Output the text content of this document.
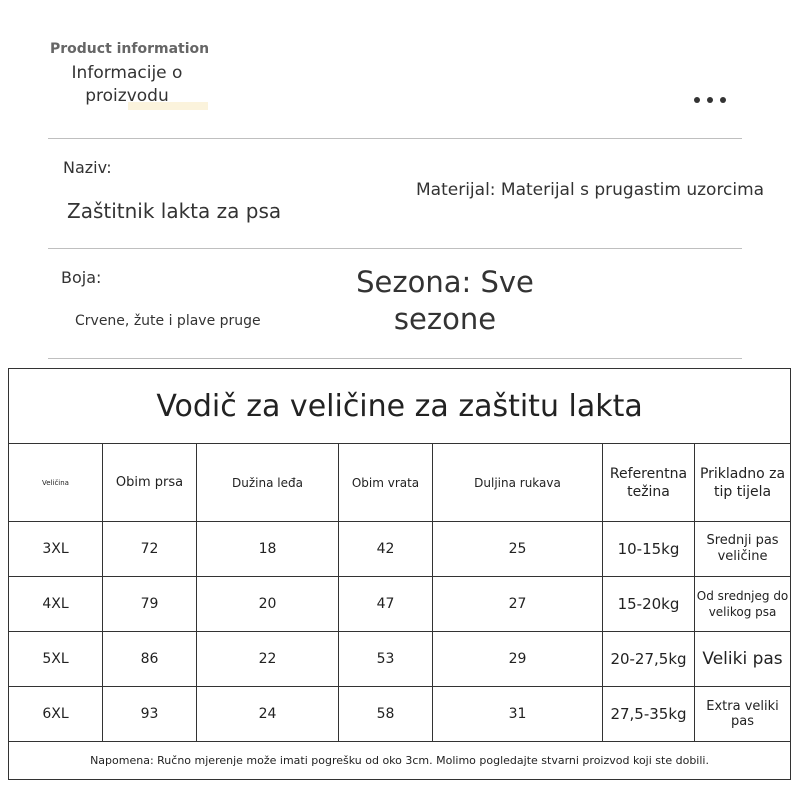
Product information
Informacije o proizvodu
Naziv:
Zaštitnik lakta za psa
Materijal: Materijal s prugastim uzorcima
Boja:
Crvene, žute i plave pruge
Sezona: Sve sezone
Vodič za veličine za zaštitu lakta						
Veličina	Obim prsa	Dužina leđa	Obim vrata	Duljina rukava	Referentna težina	Prikladno za tip tijela
3XL	72	18	42	25	10-15kg	Srednji pas veličine
4XL	79	20	47	27	15-20kg	Od srednjeg do velikog psa
5XL	86	22	53	29	20-27,5kg	Veliki pas
6XL	93	24	58	31	27,5-35kg	Extra veliki pas
Napomena: Ručno mjerenje može imati pogrešku od oko 3cm. Molimo pogledajte stvarni proizvod koji ste dobili.						
